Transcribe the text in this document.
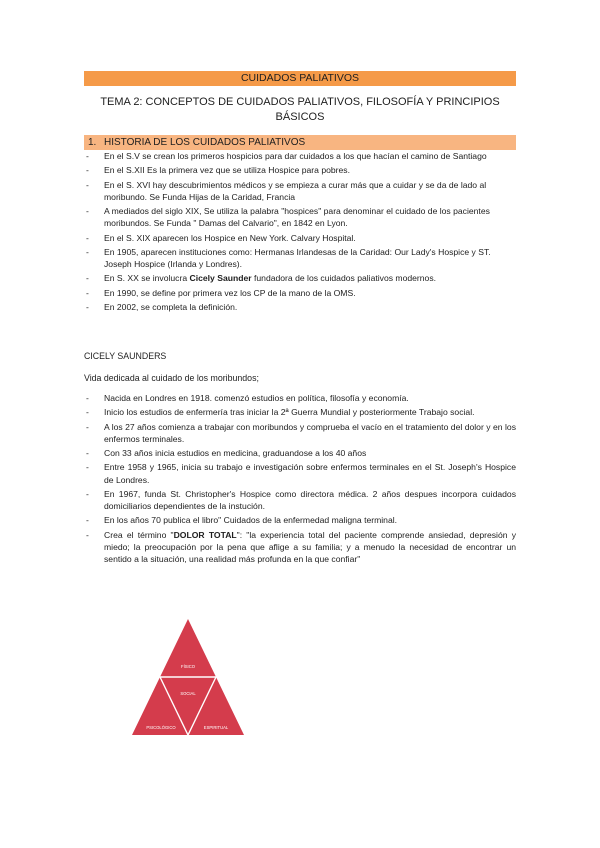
CUIDADOS PALIATIVOS
TEMA 2: CONCEPTOS DE CUIDADOS PALIATIVOS, FILOSOFÍA Y PRINCIPIOS
BÁSICOS
1. HISTORIA DE LOS CUIDADOS PALIATIVOS
- En el S.V se crean los primeros hospicios para dar cuidados a los que hacían el camino de Santiago
- En el S.XII Es la primera vez que se utiliza Hospice para pobres.
- En el S. XVI hay descubrimientos médicos y se empieza a curar más que a cuidar y se da de lado al moribundo. Se Funda Hijas de la Caridad, Francia
- A mediados del siglo XIX, Se utiliza la palabra "hospices" para denominar el cuidado de los pacientes moribundos. Se Funda " Damas del Calvario", en 1842 en Lyon.
- En el S. XIX aparecen los Hospice en New York. Calvary Hospital.
- En 1905, aparecen instituciones como: Hermanas Irlandesas de la Caridad: Our Lady's Hospice y ST. Joseph Hospice (Irlanda y Londres).
- En S. XX se involucra Cicely Saunder fundadora de los cuidados paliativos modernos.
- En 1990, se define por primera vez los CP de la mano de la OMS.
- En 2002, se completa la definición.
CICELY SAUNDERS
Vida dedicada al cuidado de los moribundos;
- Nacida en Londres en 1918. comenzó estudios en política, filosofía y economía.
- Inicio los estudios de enfermería tras iniciar la 2ª Guerra Mundial y posteriormente Trabajo social.
- A los 27 años comienza a trabajar con moribundos y comprueba el vacío en el tratamiento del dolor y en los enfermos terminales.
- Con 33 años inicia estudios en medicina, graduandose a los 40 años
- Entre 1958 y 1965, inicia su trabajo e investigación sobre enfermos terminales en el St. Joseph's Hospice de Londres.
- En 1967, funda St. Christopher's Hospice como directora médica. 2 años despues incorpora cuidados domiciliarios dependientes de la instución.
- En los años 70 publica el libro" Cuidados de la enfermedad maligna terminal.
- Crea el término "DOLOR TOTAL": "la experiencia total del paciente comprende ansiedad, depresión y miedo; la preocupación por la pena que aflige a su familia; y a menudo la necesidad de encontrar un sentido a la situación, una realidad más profunda en la que confiar"
FÍSICO
SOCIAL
PSICOLÓGICO	ESPIRITUAL
